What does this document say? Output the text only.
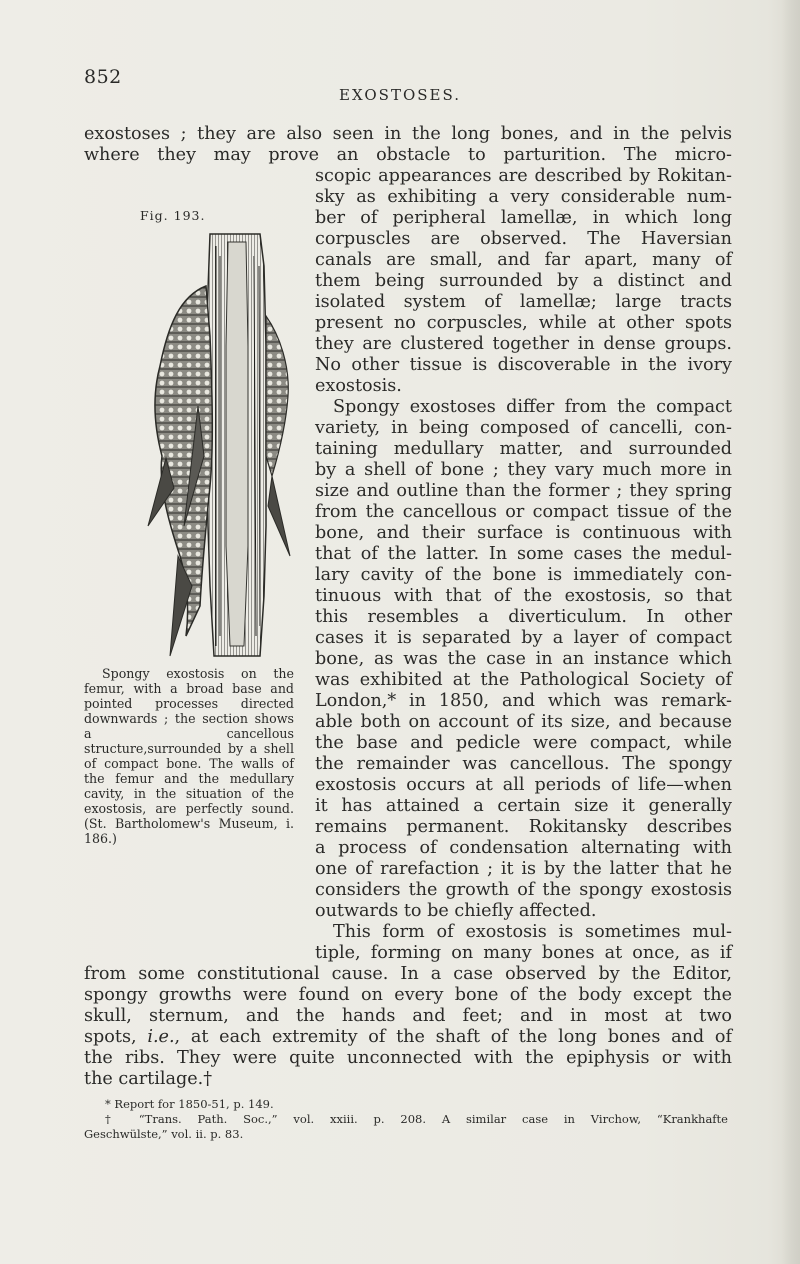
852
EXOSTOSES.
exostoses ; they are also seen in the long bones, and in the pelvis
where they may prove an obstacle to parturition. The micro-
Fig. 193.

Spongy exostosis on the femur, with a broad base and pointed processes directed downwards ; the section shows a cancellous structure,surrounded by a shell of compact bone. The walls of the femur and the medullary cavity, in the situation of the exostosis, are perfectly sound. (St. Bartholomew's Museum, i. 186.)

scopic appearances are described by Rokitan-
sky as exhibiting a very considerable num-
ber of peripheral lamellæ, in which long
corpuscles are observed. The Haversian
canals are small, and far apart, many of
them being surrounded by a distinct and
isolated system of lamellæ; large tracts
present no corpuscles, while at other spots
they are clustered together in dense groups.
No other tissue is discoverable in the ivory
exostosis.
Spongy exostoses differ from the compact
variety, in being composed of cancelli, con-
taining medullary matter, and surrounded
by a shell of bone ; they vary much more in
size and outline than the former ; they spring
from the cancellous or compact tissue of the
bone, and their surface is continuous with
that of the latter. In some cases the medul-
lary cavity of the bone is immediately con-
tinuous with that of the exostosis, so that
this resembles a diverticulum. In other
cases it is separated by a layer of compact
bone, as was the case in an instance which
was exhibited at the Pathological Society of
London,* in 1850, and which was remark-
able both on account of its size, and because
the base and pedicle were compact, while
the remainder was cancellous. The spongy
exostosis occurs at all periods of life—when
it has attained a certain size it generally
remains permanent. Rokitansky describes
a process of condensation alternating with
one of rarefaction ; it is by the latter that he
considers the growth of the spongy exostosis
outwards to be chiefly affected.
This form of exostosis is sometimes mul-
tiple, forming on many bones at once, as if
from some constitutional cause. In a case observed by the Editor,
spongy growths were found on every bone of the body except the
skull, sternum, and the hands and feet; and in most at two
spots, i.e., at each extremity of the shaft of the long bones and of
the ribs. They were quite unconnected with the epiphysis or with
the cartilage.†
* Report for 1850-51, p. 149.
† “Trans. Path. Soc.,” vol. xxiii. p. 208. A similar case in Virchow, “Krankhafte
Geschwülste,” vol. ii. p. 83.
